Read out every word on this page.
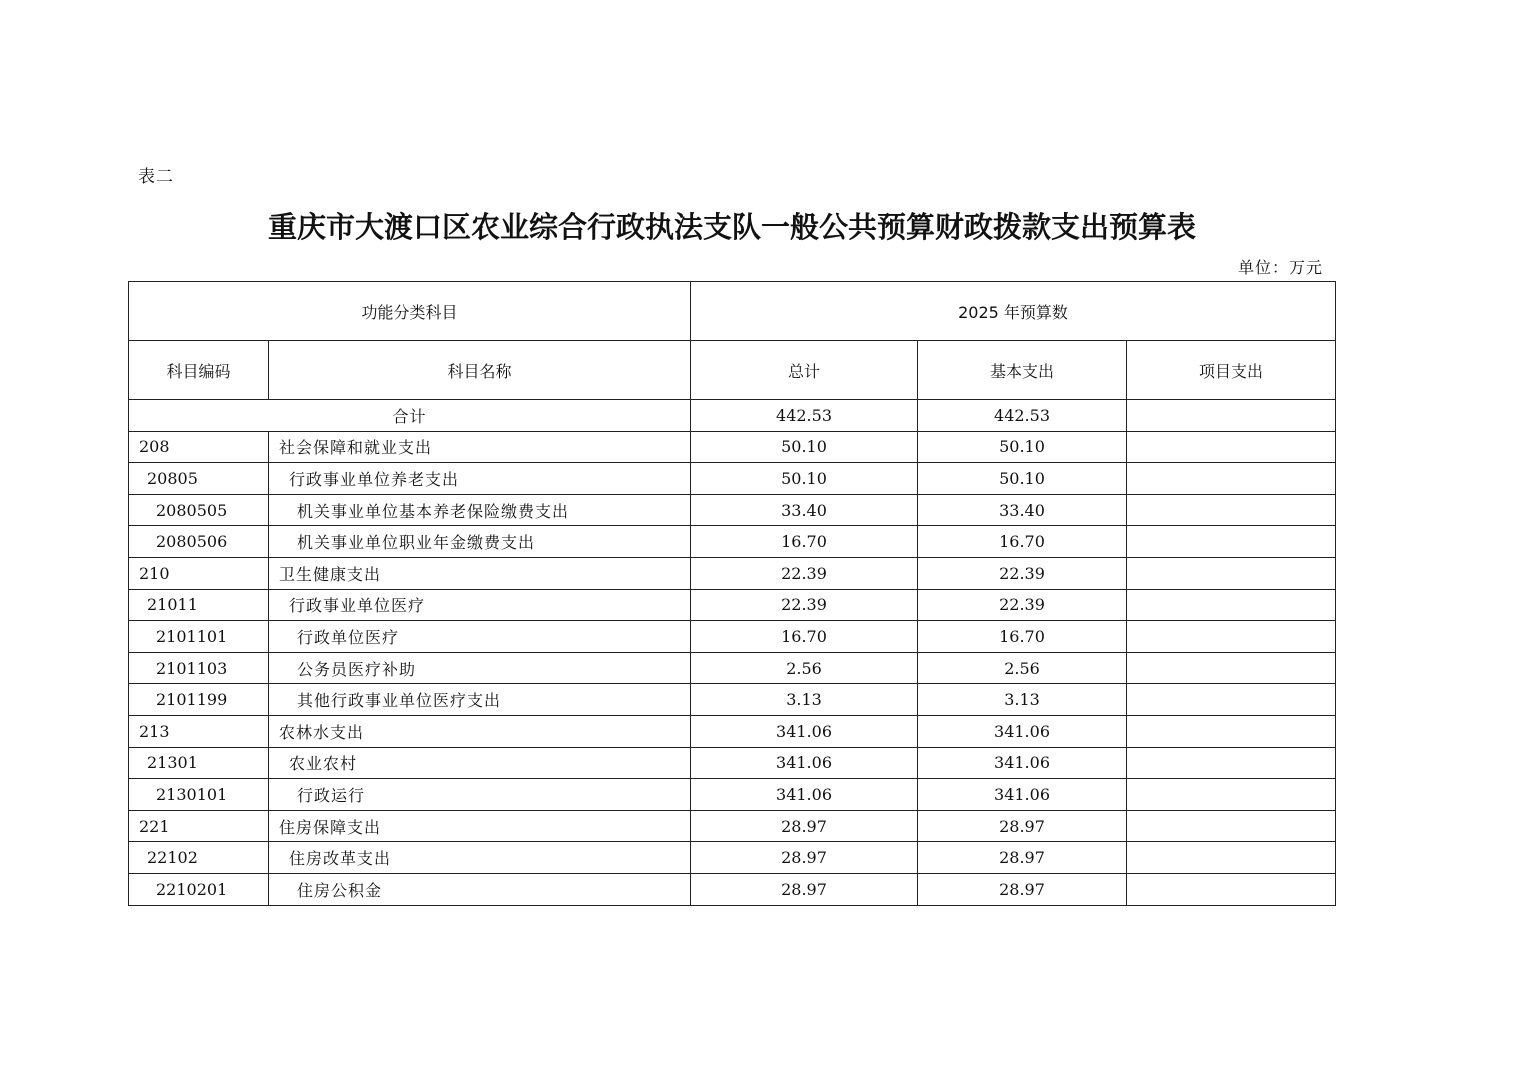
表二
重庆市大渡口区农业综合行政执法支队一般公共预算财政拨款支出预算表
单位：万元
功能分类科目		2025 年预算数		
科目编码	科目名称	总计	基本支出	项目支出
合计		442.53	442.53	
208	社会保障和就业支出	50.10	50.10	
20805	行政事业单位养老支出	50.10	50.10	
2080505	机关事业单位基本养老保险缴费支出	33.40	33.40	
2080506	机关事业单位职业年金缴费支出	16.70	16.70	
210	卫生健康支出	22.39	22.39	
21011	行政事业单位医疗	22.39	22.39	
2101101	行政单位医疗	16.70	16.70	
2101103	公务员医疗补助	2.56	2.56	
2101199	其他行政事业单位医疗支出	3.13	3.13	
213	农林水支出	341.06	341.06	
21301	农业农村	341.06	341.06	
2130101	行政运行	341.06	341.06	
221	住房保障支出	28.97	28.97	
22102	住房改革支出	28.97	28.97	
2210201	住房公积金	28.97	28.97	
